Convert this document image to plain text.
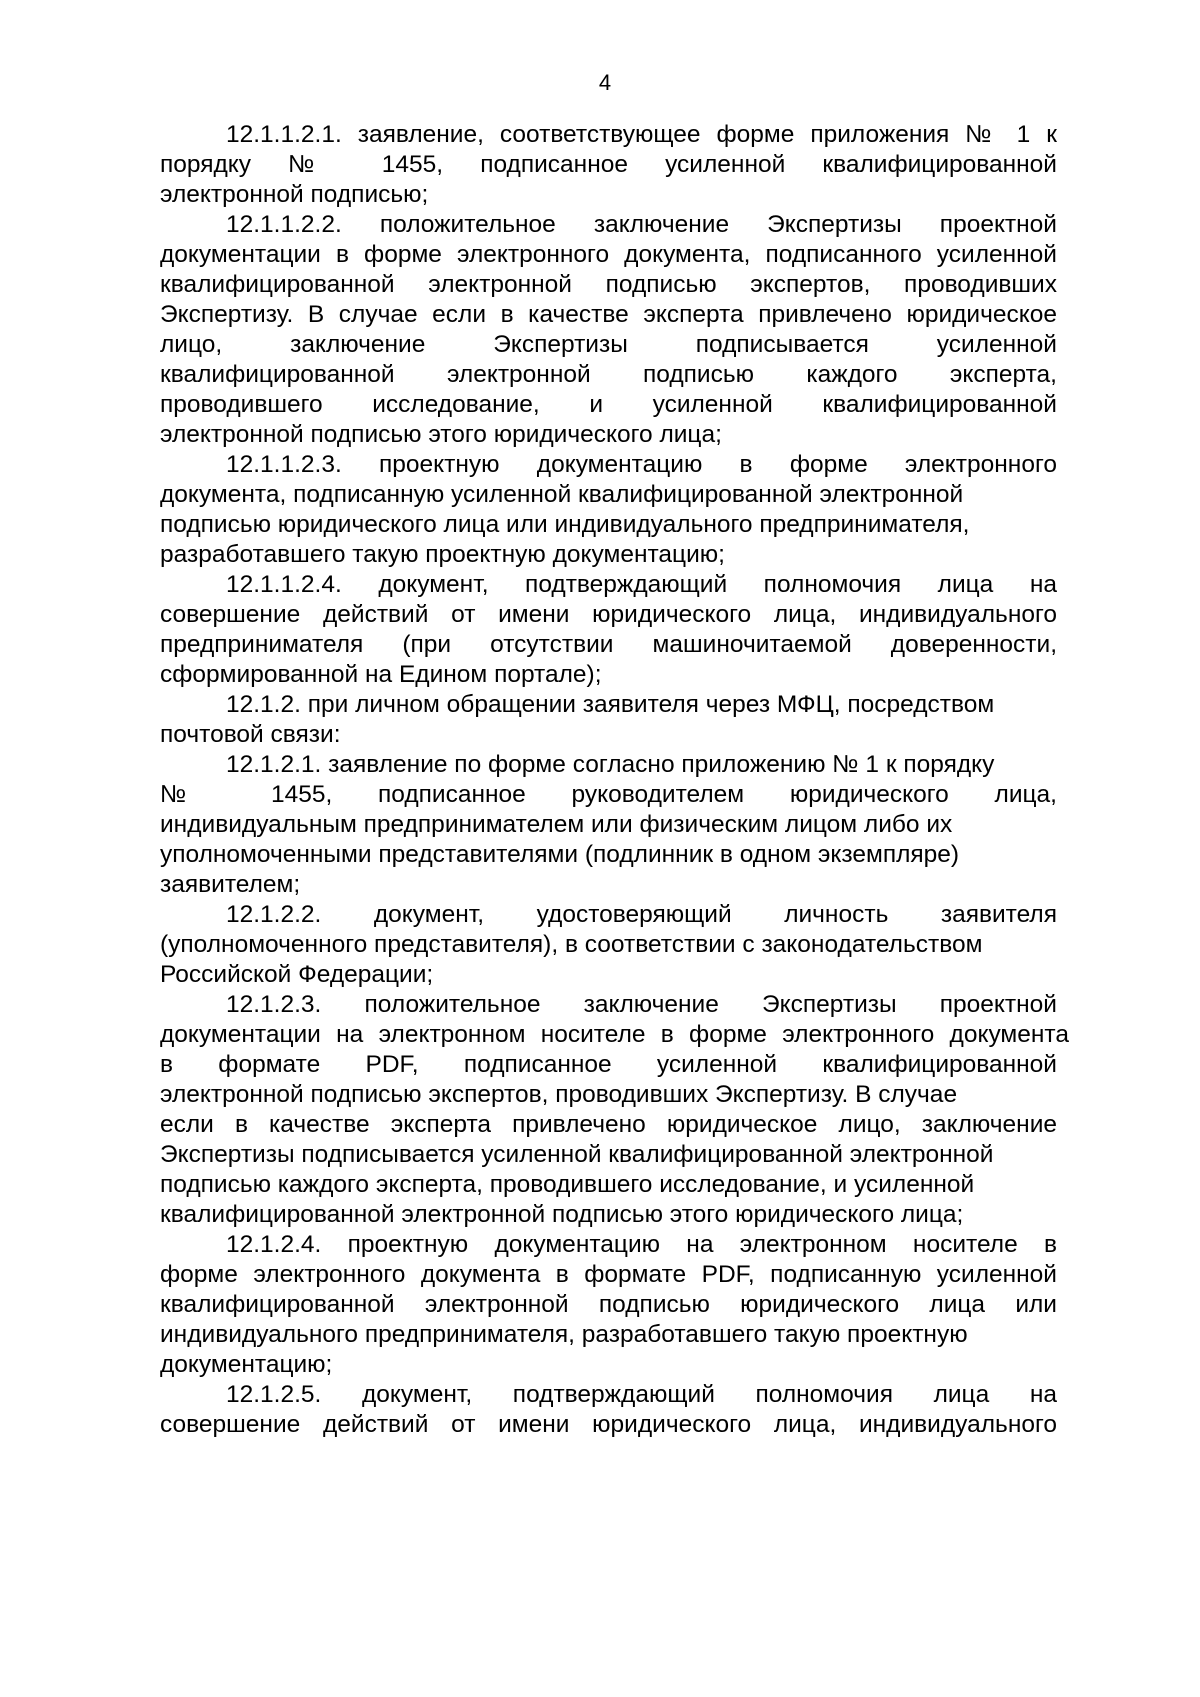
4
12.1.1.2.1. заявление, соответствующее форме приложения № 1 к
порядку № 1455, подписанное усиленной квалифицированной
электронной подписью;
12.1.1.2.2. положительное заключение Экспертизы проектной
документации в форме электронного документа, подписанного усиленной
квалифицированной электронной подписью экспертов, проводивших
Экспертизу. В случае если в качестве эксперта привлечено юридическое
лицо, заключение Экспертизы подписывается усиленной
квалифицированной электронной подписью каждого эксперта,
проводившего исследование, и усиленной квалифицированной
электронной подписью этого юридического лица;
12.1.1.2.3. проектную документацию в форме электронного
документа, подписанную усиленной квалифицированной электронной
подписью юридического лица или индивидуального предпринимателя,
разработавшего такую проектную документацию;
12.1.1.2.4. документ, подтверждающий полномочия лица на
совершение действий от имени юридического лица, индивидуального
предпринимателя (при отсутствии машиночитаемой доверенности,
сформированной на Едином портале);
12.1.2. при личном обращении заявителя через МФЦ, посредством
почтовой связи:
12.1.2.1. заявление по форме согласно приложению № 1 к порядку
№ 1455, подписанное руководителем юридического лица,
индивидуальным предпринимателем или физическим лицом либо их
уполномоченными представителями (подлинник в одном экземпляре)
заявителем;
12.1.2.2. документ, удостоверяющий личность заявителя
(уполномоченного представителя), в соответствии с законодательством
Российской Федерации;
12.1.2.3. положительное заключение Экспертизы проектной
документации на электронном носителе в форме электронного документа
в формате PDF, подписанное усиленной квалифицированной
электронной подписью экспертов, проводивших Экспертизу. В случае
если в качестве эксперта привлечено юридическое лицо, заключение
Экспертизы подписывается усиленной квалифицированной электронной
подписью каждого эксперта, проводившего исследование, и усиленной
квалифицированной электронной подписью этого юридического лица;
12.1.2.4. проектную документацию на электронном носителе в
форме электронного документа в формате PDF, подписанную усиленной
квалифицированной электронной подписью юридического лица или
индивидуального предпринимателя, разработавшего такую проектную
документацию;
12.1.2.5. документ, подтверждающий полномочия лица на
совершение действий от имени юридического лица, индивидуального
